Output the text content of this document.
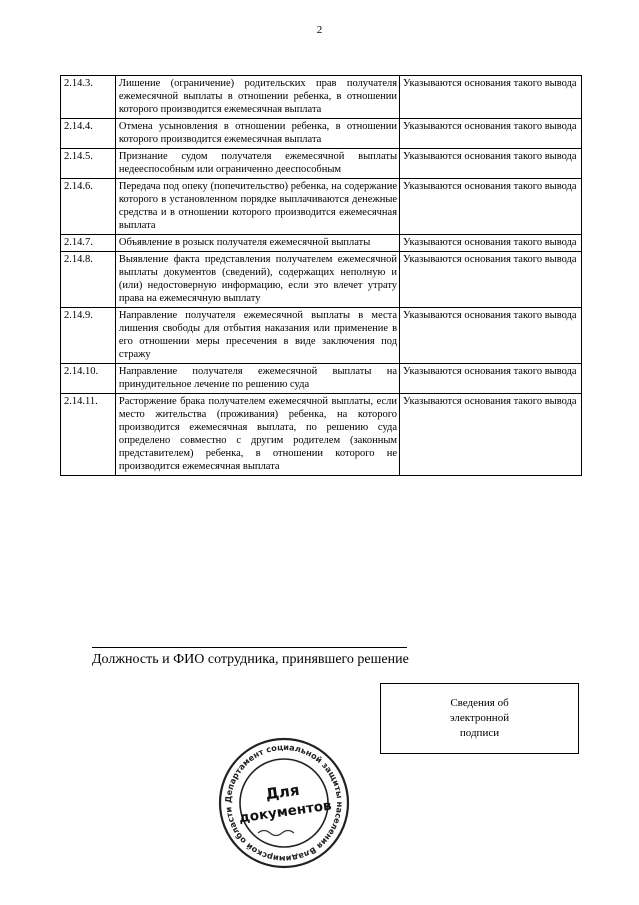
2
2.14.3.	Лишение (ограничение) родительских прав получателя ежемесячной выплаты в отношении ребенка, в отношении которого производится ежемесячная выплата	Указываются основания такого вывода
2.14.4.	Отмена усыновления в отношении ребенка, в отношении которого производится ежемесячная выплата	Указываются основания такого вывода
2.14.5.	Признание судом получателя ежемесячной выплаты недееспособным или ограниченно дееспособным	Указываются основания такого вывода
2.14.6.	Передача под опеку (попечительство) ребенка, на содержание которого в установленном порядке выплачиваются денежные средства и в отношении которого производится ежемесячная выплата	Указываются основания такого вывода
2.14.7.	Объявление в розыск получателя ежемесячной выплаты	Указываются основания такого вывода
2.14.8.	Выявление факта представления получателем ежемесячной выплаты документов (сведений), содержащих неполную и (или) недостоверную информацию, если это влечет утрату права на ежемесячную выплату	Указываются основания такого вывода
2.14.9.	Направление получателя ежемесячной выплаты в места лишения свободы для отбытия наказания или применение в его отношении меры пресечения в виде заключения под стражу	Указываются основания такого вывода
2.14.10.	Направление получателя ежемесячной выплаты на принудительное лечение по решению суда	Указываются основания такого вывода
2.14.11.	Расторжение брака получателем ежемесячной выплаты, если место жительства (проживания) ребенка, на которого производится ежемесячная выплата, по решению суда определено совместно с другим родителем (законным представителем) ребенка, в отношении которого не производится ежемесячная выплата	Указываются основания такого вывода
Должность и ФИО сотрудника, принявшего решение
Сведения об электронной подписи
Департамент социальной защиты населения Владимирской области
Для
документов
